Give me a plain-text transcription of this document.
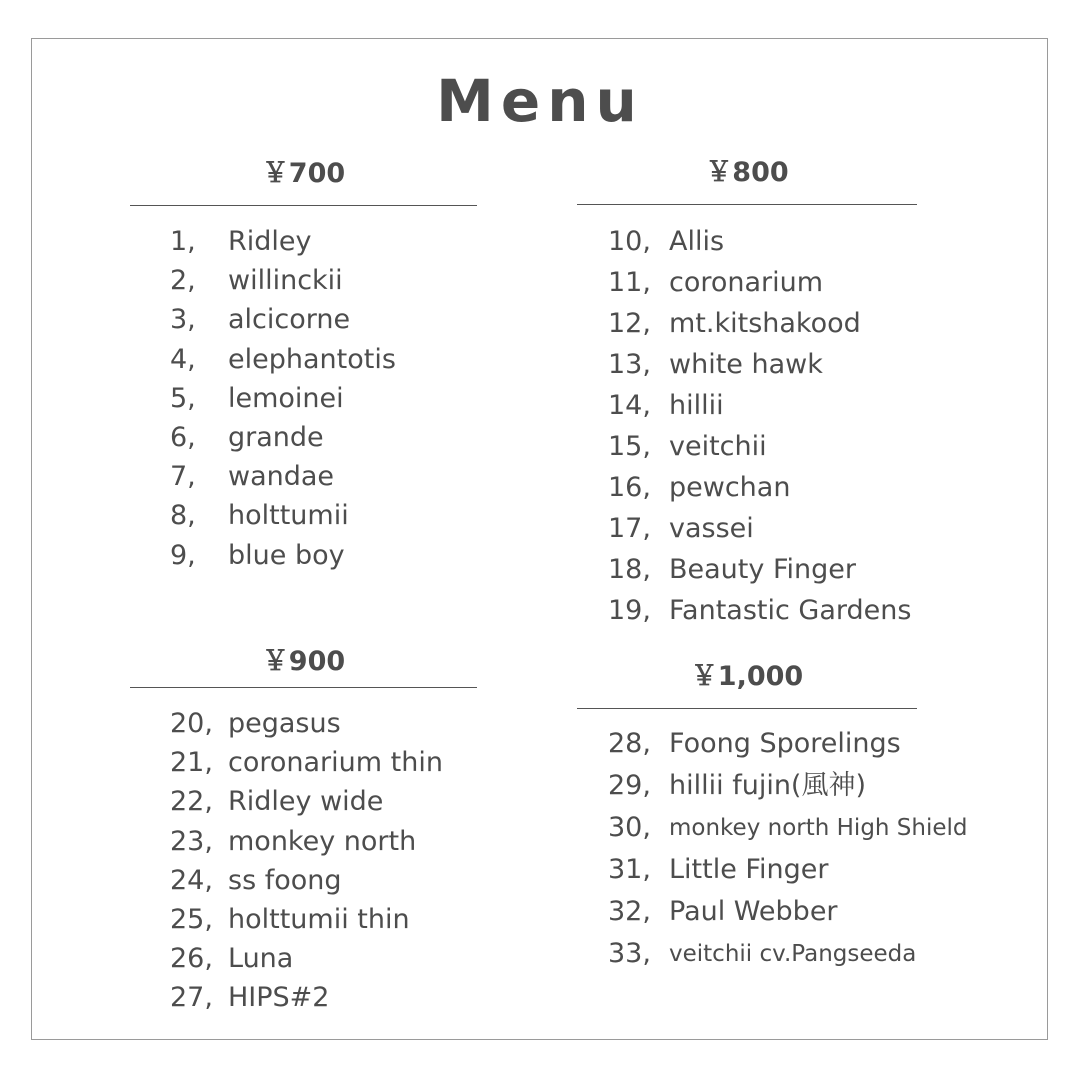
Menu
￥700
1, Ridley
2, willinckii
3, alcicorne
4, elephantotis
5, lemoinei
6, grande
7, wandae
8, holttumii
9, blue boy
￥800
10, Allis
11, coronarium
12, mt.kitshakood
13, white hawk
14, hillii
15, veitchii
16, pewchan
17, vassei
18, Beauty Finger
19, Fantastic Gardens
￥900
20, pegasus
21, coronarium thin
22, Ridley wide
23, monkey north
24, ss foong
25, holttumii thin
26, Luna
27, HIPS#2
￥1,000
28, Foong Sporelings
29, hillii fujin(風神)
30, monkey north High Shield
31, Little Finger
32, Paul Webber
33, veitchii cv.Pangseeda
